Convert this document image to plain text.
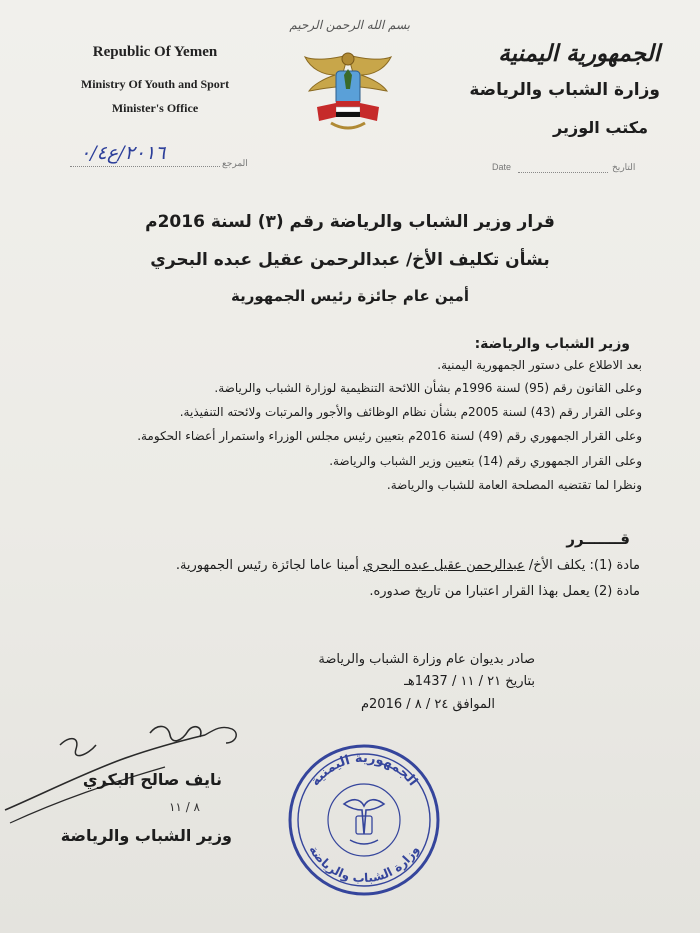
Republic Of Yemen
Ministry Of Youth and Sport
Minister's Office
بسم الله الرحمن الرحيم
الجمهورية اليمنية
وزارة الشباب والرياضة
مكتب الوزير
٢٠١٦/ع٠/٤	المرجع	Date	التاريخ
قرار وزير الشباب والرياضة رقم (٣) لسنة 2016م
بشأن تكليف الأخ/ عبدالرحمن عقيل عبده البحري
أمين عام جائزة رئيس الجمهورية
وزير الشباب والرياضة:
بعد الاطلاع على دستور الجمهورية اليمنية.
وعلى القانون رقم (95) لسنة 1996م بشأن اللائحة التنظيمية لوزارة الشباب والرياضة.
وعلى القرار رقم (43) لسنة 2005م بشأن نظام الوظائف والأجور والمرتبات ولائحته التنفيذية.
وعلى القرار الجمهوري رقم (49) لسنة 2016م بتعيين رئيس مجلس الوزراء واستمرار أعضاء الحكومة.
وعلى القرار الجمهوري رقم (14) بتعيين وزير الشباب والرياضة.
ونظرا لما تقتضيه المصلحة العامة للشباب والرياضة.
قـــــــرر
مادة (1): يكلف الأخ/ عبدالرحمن عقيل عبده البحري أمينا عاما لجائزة رئيس الجمهورية.
مادة (2) يعمل بهذا القرار اعتبارا من تاريخ صدوره.
صادر بديوان عام وزارة الشباب والرياضة
بتاريخ ٢١ / ١١ / 1437هـ
الموافق ٢٤ / ٨ / 2016م
نايف صالح البكري
٨ / ١١
وزير الشباب والرياضة
الجمهورية اليمنية
وزارة الشباب والرياضة
